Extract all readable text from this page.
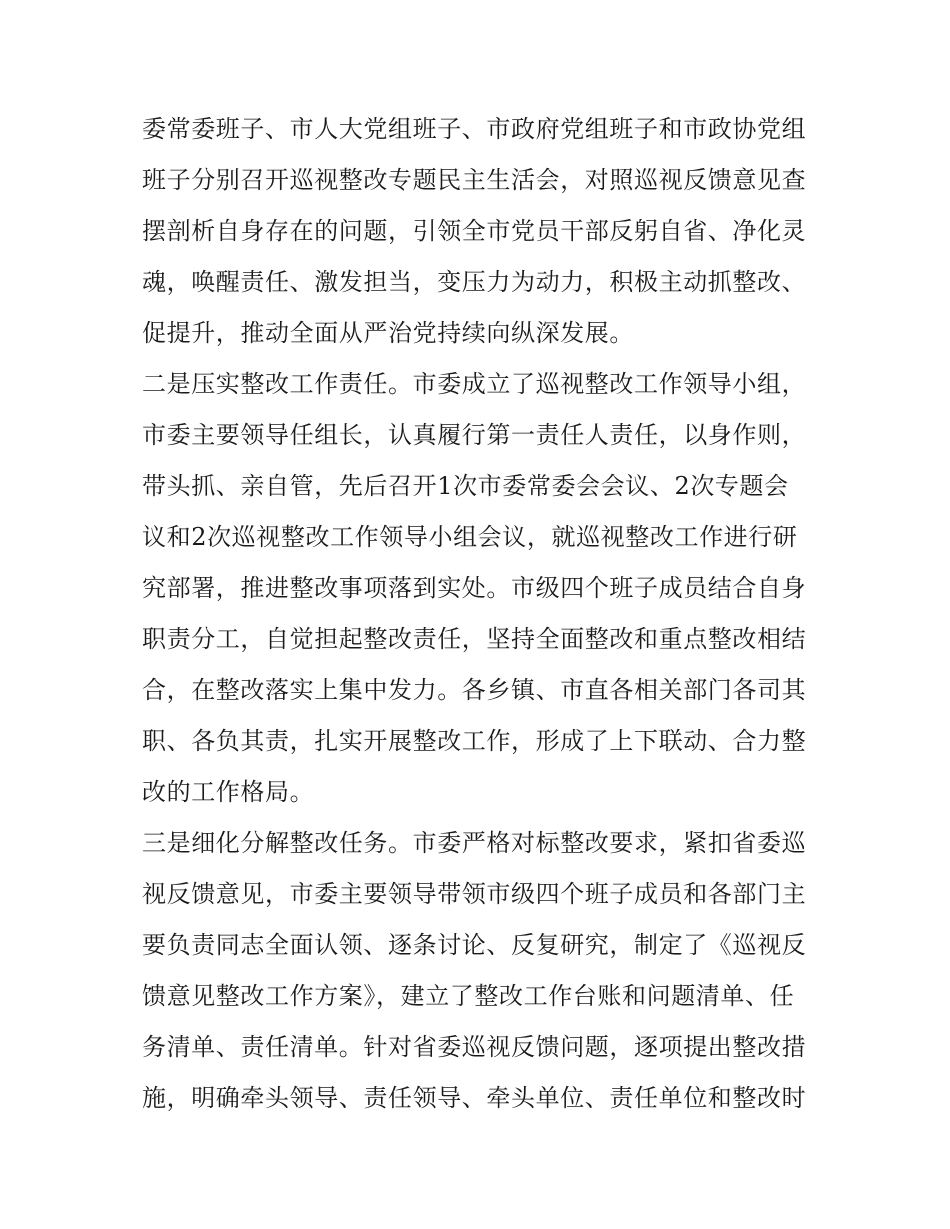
委常委班子、市人大党组班子、市政府党组班子和市政协党组
班子分别召开巡视整改专题民主生活会，对照巡视反馈意见查
摆剖析自身存在的问题，引领全市党员干部反躬自省、净化灵
魂，唤醒责任、激发担当，变压力为动力，积极主动抓整改、
促提升，推动全面从严治党持续向纵深发展。
二是压实整改工作责任。市委成立了巡视整改工作领导小组，
市委主要领导任组长，认真履行第一责任人责任，以身作则，
带头抓、亲自管，先后召开1次市委常委会会议、2次专题会
议和2次巡视整改工作领导小组会议，就巡视整改工作进行研
究部署，推进整改事项落到实处。市级四个班子成员结合自身
职责分工，自觉担起整改责任，坚持全面整改和重点整改相结
合，在整改落实上集中发力。各乡镇、市直各相关部门各司其
职、各负其责，扎实开展整改工作，形成了上下联动、合力整
改的工作格局。
三是细化分解整改任务。市委严格对标整改要求，紧扣省委巡
视反馈意见，市委主要领导带领市级四个班子成员和各部门主
要负责同志全面认领、逐条讨论、反复研究，制定了《巡视反
馈意见整改工作方案》，建立了整改工作台账和问题清单、任
务清单、责任清单。针对省委巡视反馈问题，逐项提出整改措
施，明确牵头领导、责任领导、牵头单位、责任单位和整改时
